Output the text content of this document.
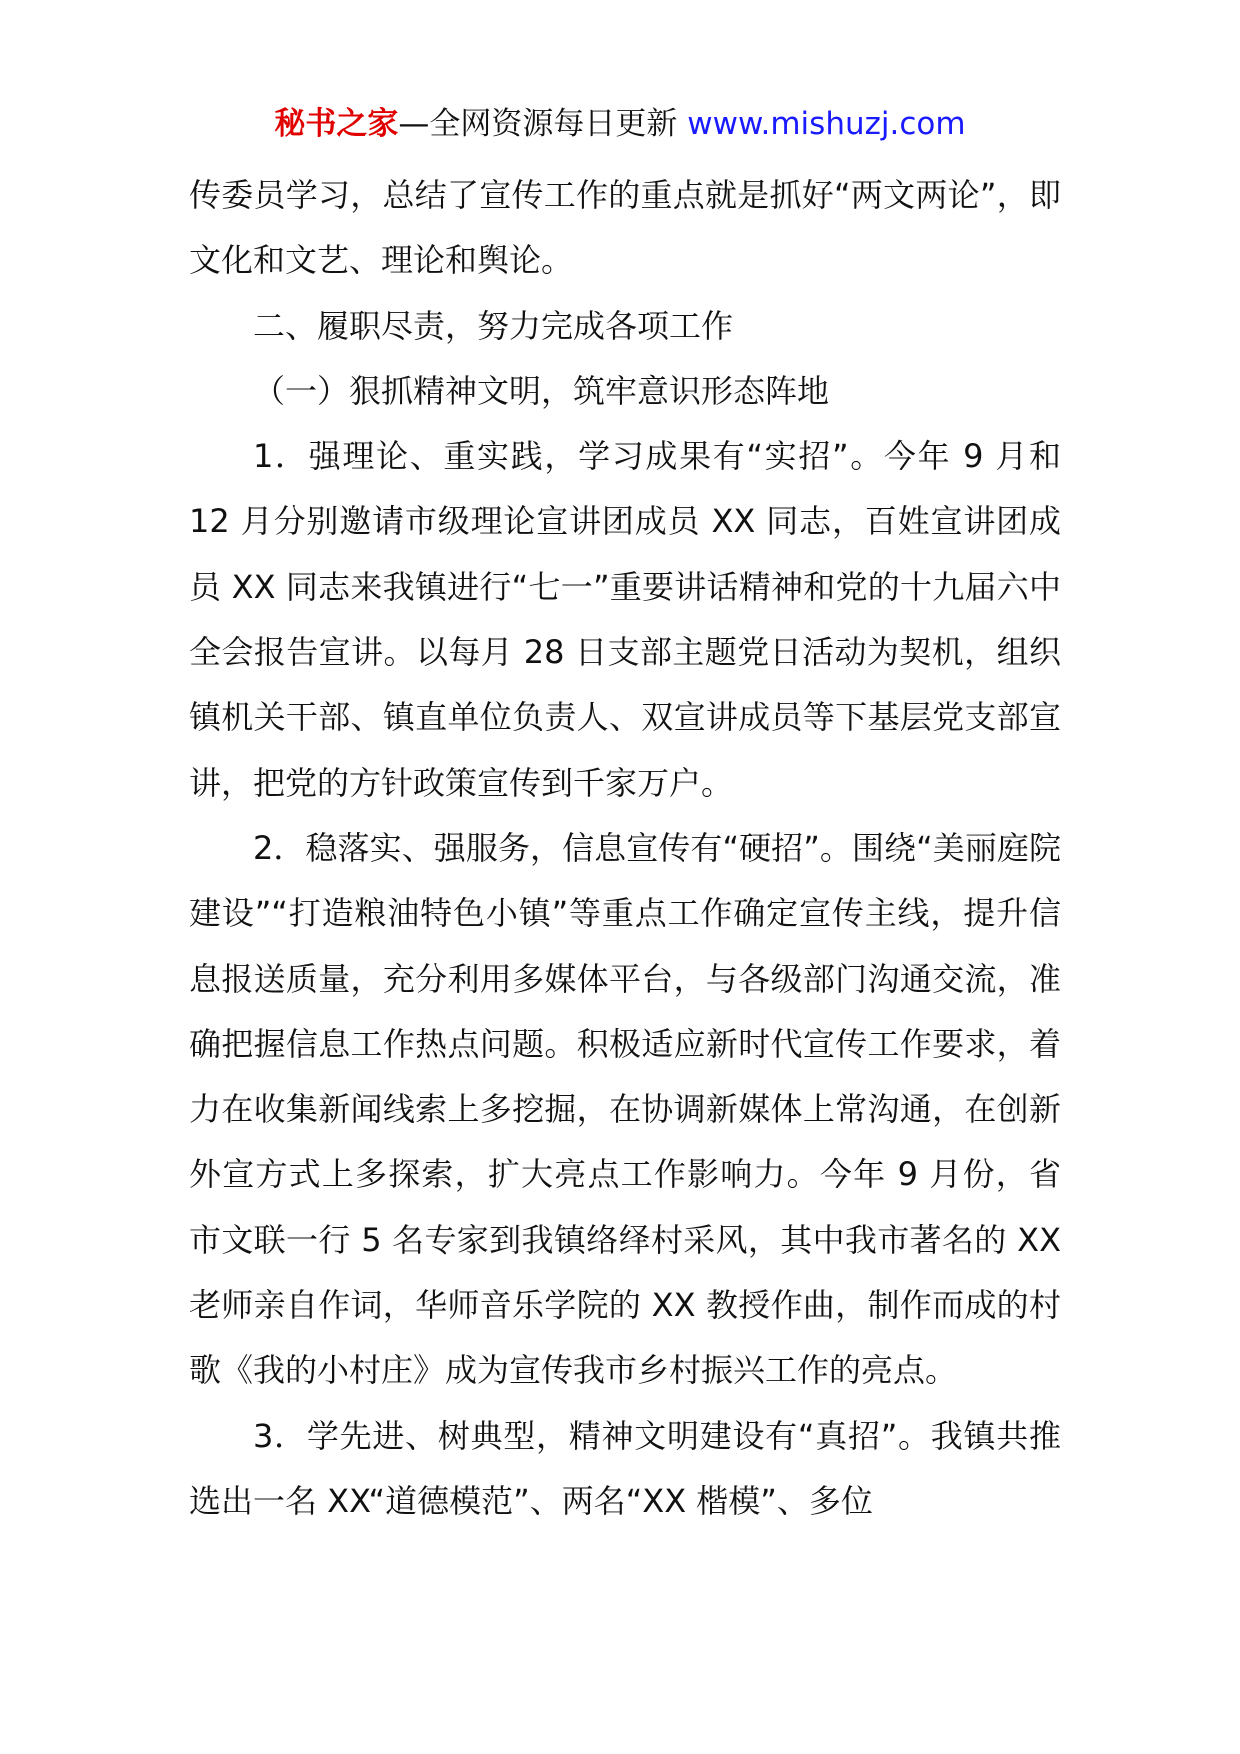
秘书之家—全网资源每日更新 www.mishuzj.com

传委员学习，总结了宣传工作的重点就是抓好“两文两论”，即文化和文艺、理论和舆论。

二、履职尽责，努力完成各项工作

（一）狠抓精神文明，筑牢意识形态阵地

1．强理论、重实践，学习成果有“实招”。今年 9 月和 12 月分别邀请市级理论宣讲团成员 XX 同志，百姓宣讲团成员 XX 同志来我镇进行“七一”重要讲话精神和党的十九届六中全会报告宣讲。以每月 28 日支部主题党日活动为契机，组织镇机关干部、镇直单位负责人、双宣讲成员等下基层党支部宣讲，把党的方针政策宣传到千家万户。

2．稳落实、强服务，信息宣传有“硬招”。围绕“美丽庭院建设”“打造粮油特色小镇”等重点工作确定宣传主线，提升信息报送质量，充分利用多媒体平台，与各级部门沟通交流，准确把握信息工作热点问题。积极适应新时代宣传工作要求，着力在收集新闻线索上多挖掘，在协调新媒体上常沟通，在创新外宣方式上多探索，扩大亮点工作影响力。今年 9 月份，省市文联一行 5 名专家到我镇络绎村采风，其中我市著名的 XX 老师亲自作词，华师音乐学院的 XX 教授作曲，制作而成的村歌《我的小村庄》成为宣传我市乡村振兴工作的亮点。

3．学先进、树典型，精神文明建设有“真招”。我镇共推选出一名 XX“道德模范”、两名“XX 楷模”、多位
